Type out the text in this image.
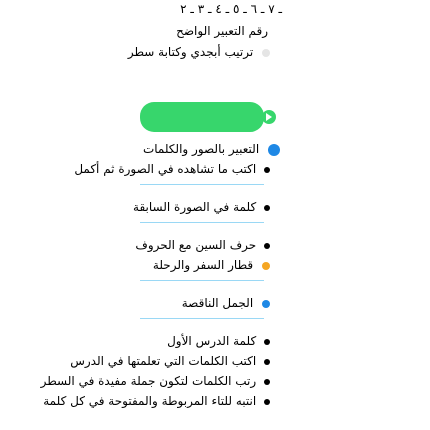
ـ ٧ ـ ٦ ـ ٥ ـ ٤ ـ ٣ ـ ٢
رقم التعبير الواضح
ترتيب أبجدي وكتابة سطر
التعبير بالصور والكلمات
اكتب ما تشاهده في الصورة ثم أكمل
كلمة في الصورة السابقة
حرف السين مع الحروف
قطار السفر والرحلة
الجمل الناقصة
كلمة الدرس الأول
اكتب الكلمات التي تعلمتها في الدرس
رتب الكلمات لتكون جملة مفيدة في السطر
انتبه للتاء المربوطة والمفتوحة في كل كلمة
